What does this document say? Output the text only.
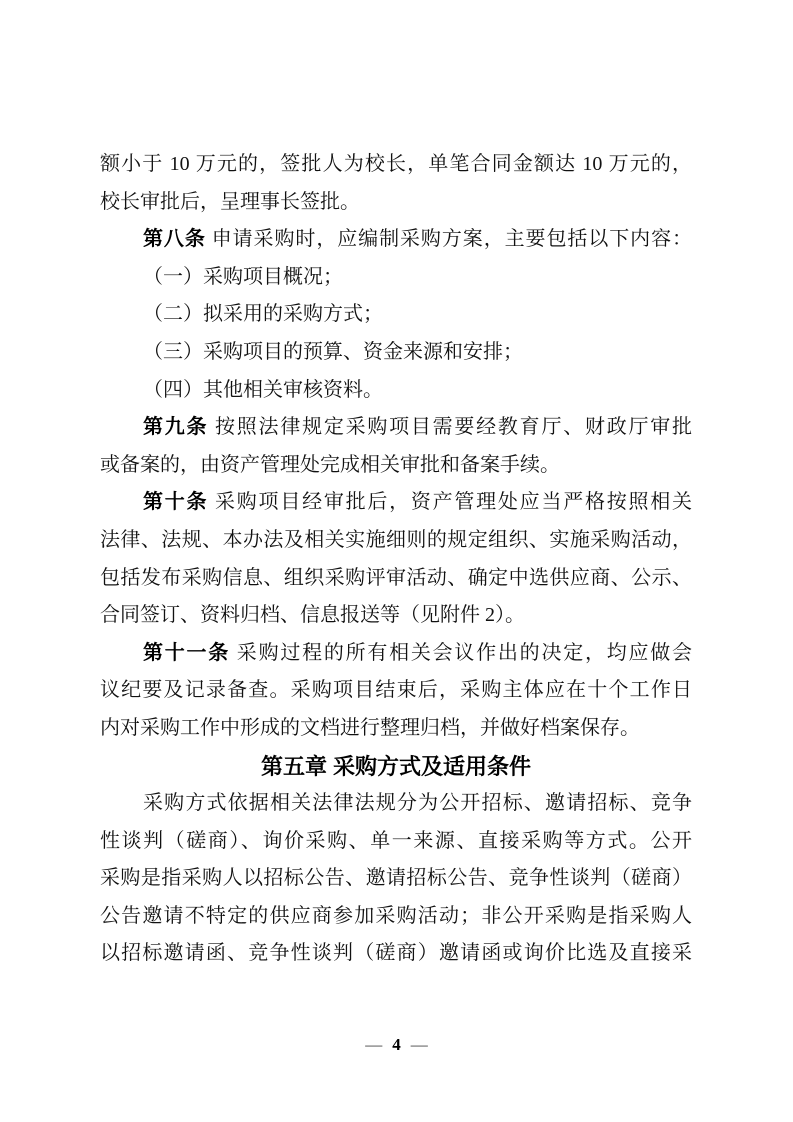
额小于 10 万元的，签批人为校长，单笔合同金额达 10 万元的，
校长审批后，呈理事长签批。
第八条 申请采购时，应编制采购方案，主要包括以下内容：
（一）采购项目概况；
（二）拟采用的采购方式；
（三）采购项目的预算、资金来源和安排；
（四）其他相关审核资料。
第九条 按照法律规定采购项目需要经教育厅、财政厅审批
或备案的，由资产管理处完成相关审批和备案手续。
第十条 采购项目经审批后，资产管理处应当严格按照相关
法律、法规、本办法及相关实施细则的规定组织、实施采购活动，
包括发布采购信息、组织采购评审活动、确定中选供应商、公示、
合同签订、资料归档、信息报送等（见附件 2）。
第十一条 采购过程的所有相关会议作出的决定，均应做会
议纪要及记录备查。采购项目结束后，采购主体应在十个工作日
内对采购工作中形成的文档进行整理归档，并做好档案保存。
第五章 采购方式及适用条件
采购方式依据相关法律法规分为公开招标、邀请招标、竞争
性谈判（磋商）、询价采购、单一来源、直接采购等方式。公开
采购是指采购人以招标公告、邀请招标公告、竞争性谈判（磋商）
公告邀请不特定的供应商参加采购活动；非公开采购是指采购人
以招标邀请函、竞争性谈判（磋商）邀请函或询价比选及直接采
— 4 —
